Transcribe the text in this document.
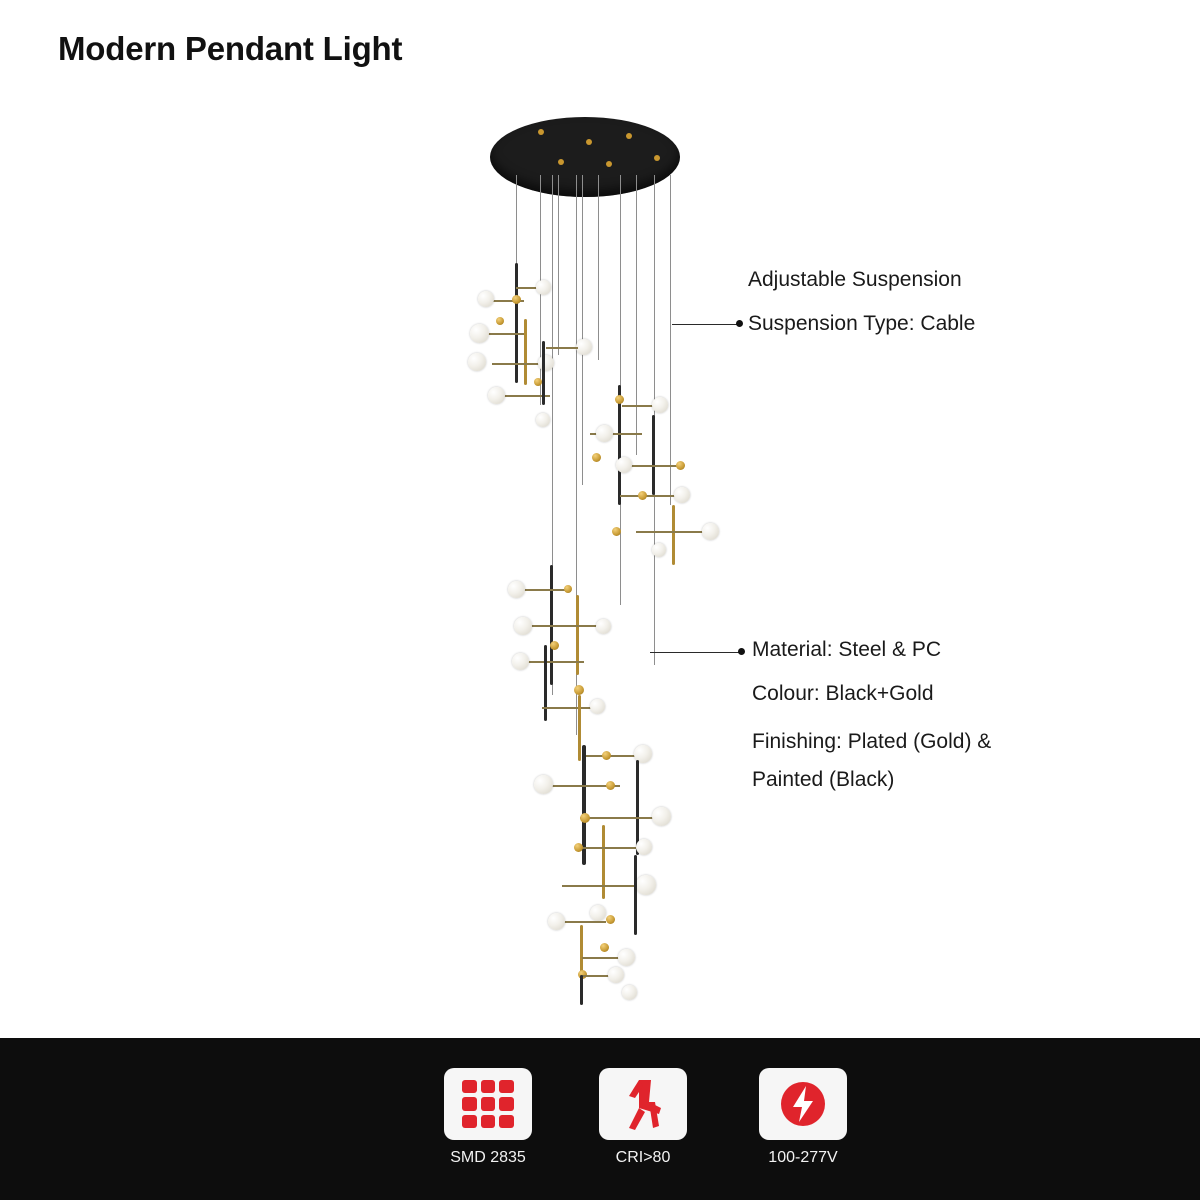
Modern Pendant Light
Adjustable Suspension
Suspension Type: Cable
Material: Steel & PC
Colour: Black+Gold
Finishing: Plated (Gold) &
Painted (Black)
SMD 2835	CRI>80	100-277V
